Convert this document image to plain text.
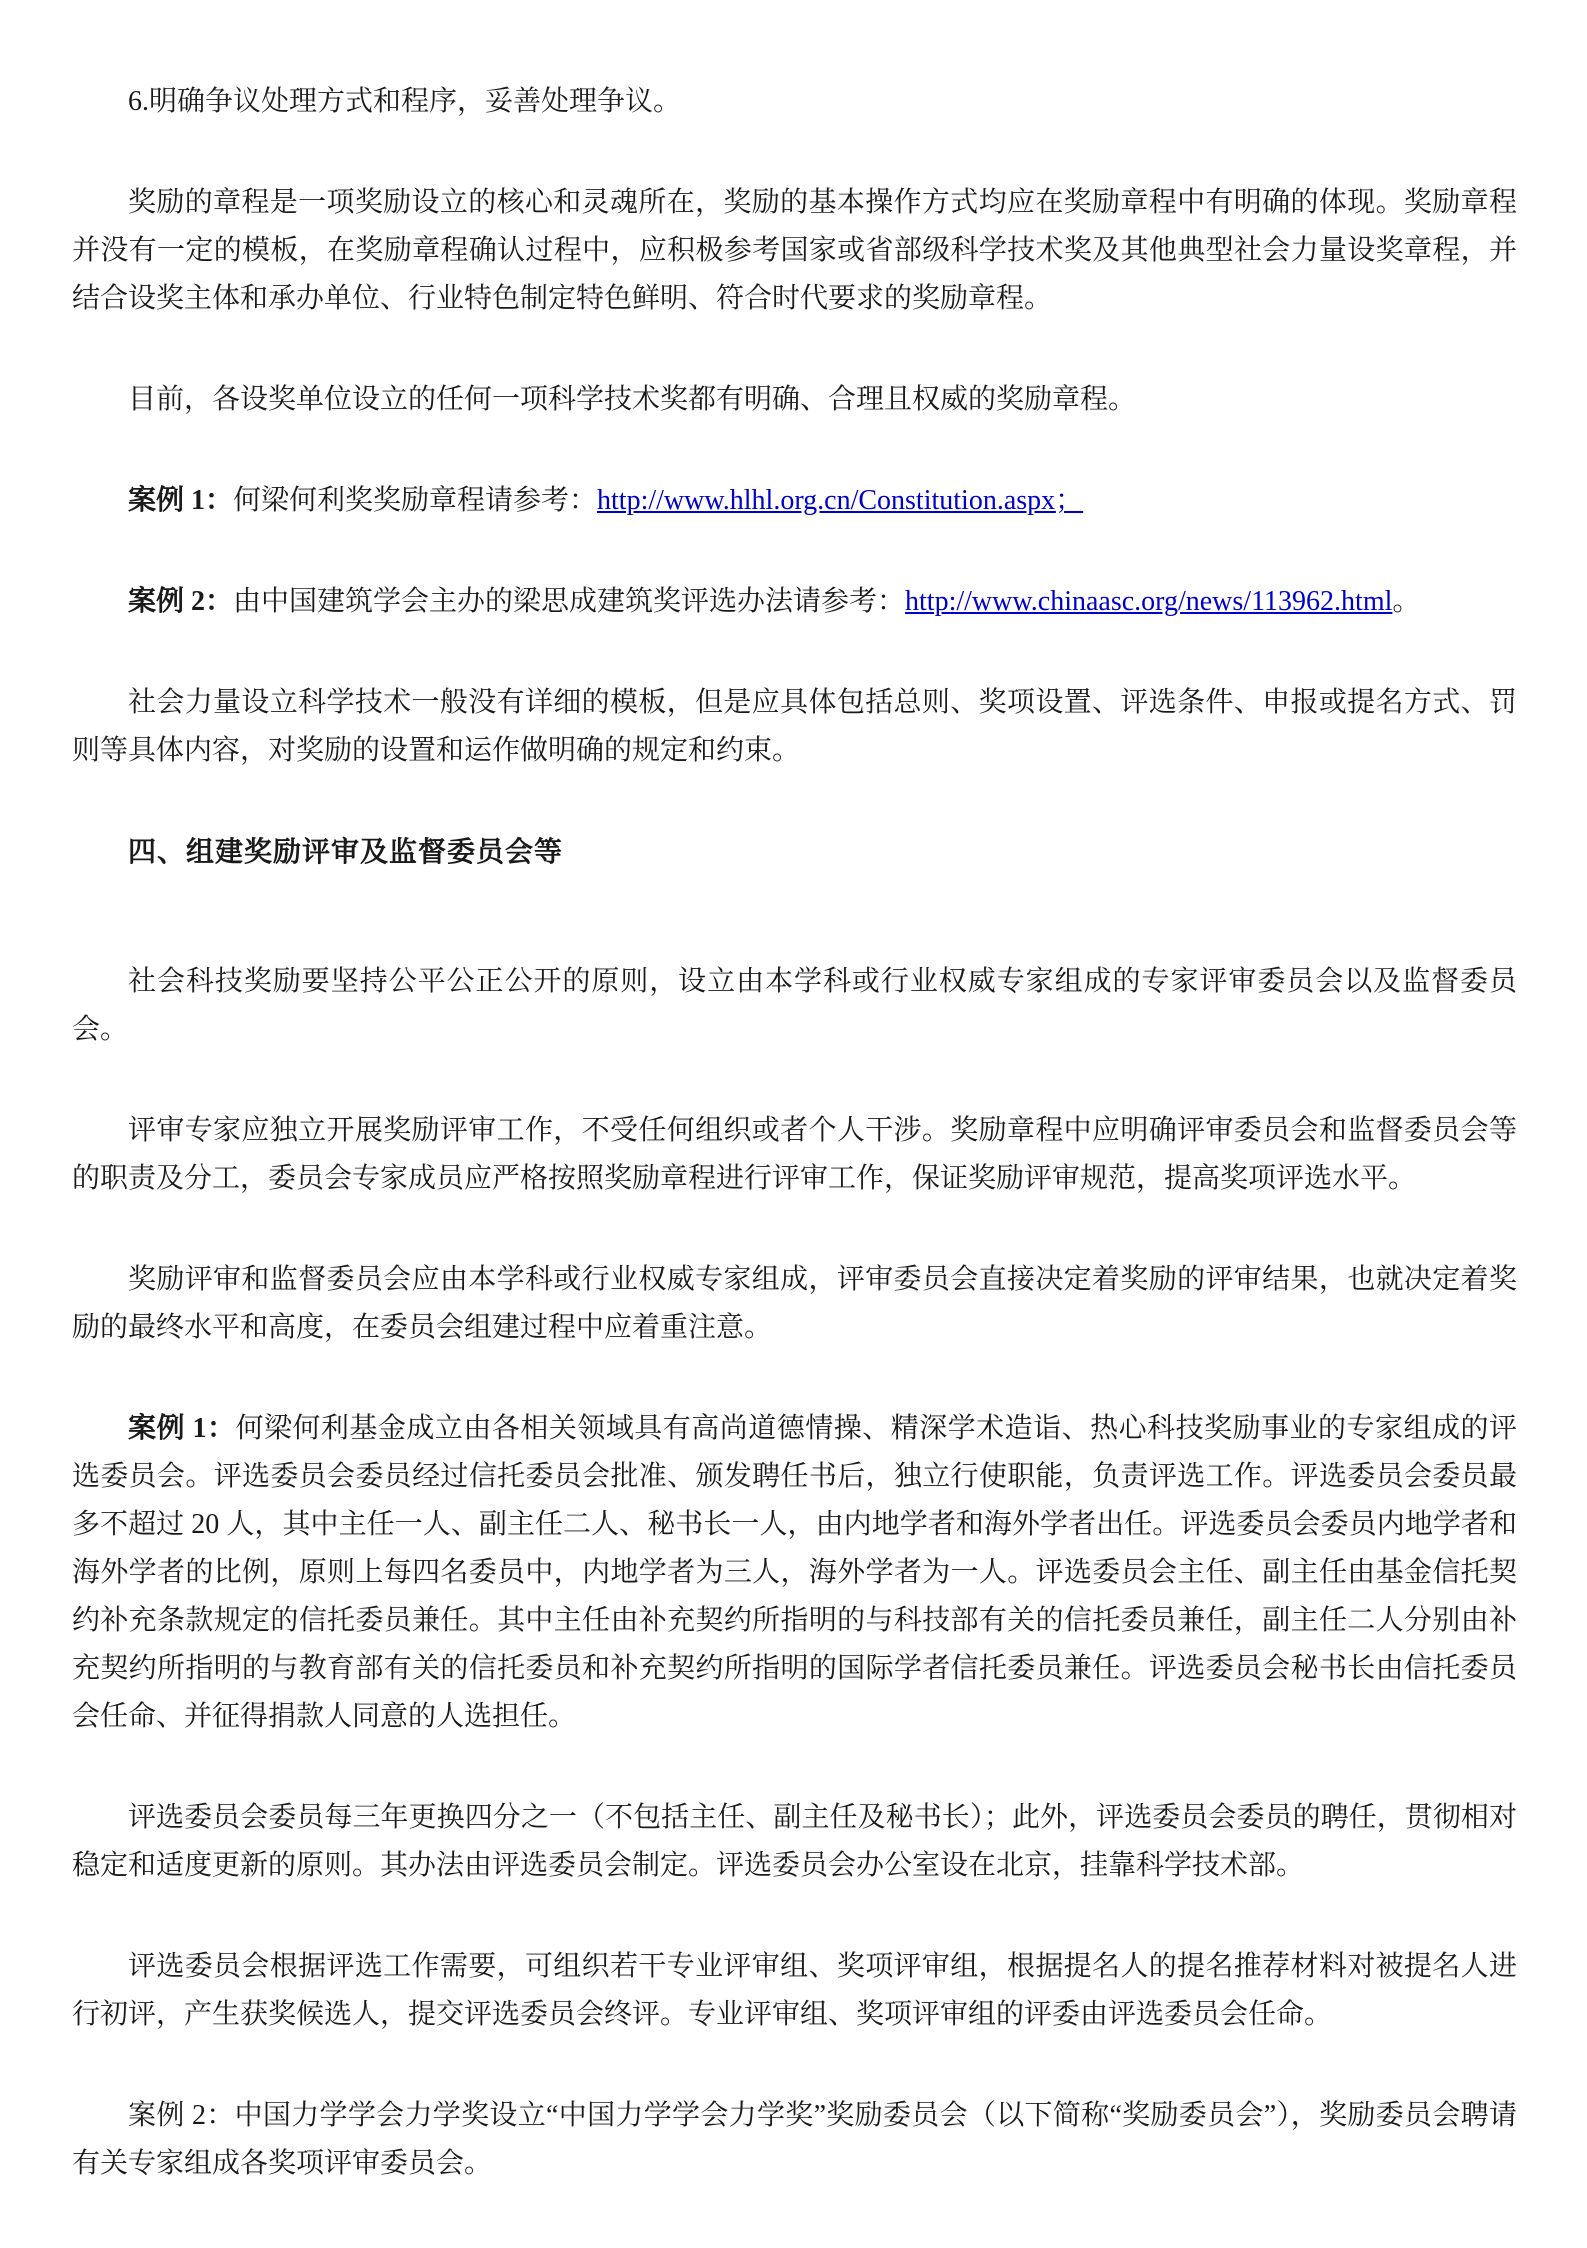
6.明确争议处理方式和程序，妥善处理争议。

奖励的章程是一项奖励设立的核心和灵魂所在，奖励的基本操作方式均应在奖励章程中有明确的体现。奖励章程并没有一定的模板，在奖励章程确认过程中，应积极参考国家或省部级科学技术奖及其他典型社会力量设奖章程，并结合设奖主体和承办单位、行业特色制定特色鲜明、符合时代要求的奖励章程。

目前，各设奖单位设立的任何一项科学技术奖都有明确、合理且权威的奖励章程。

案例 1：何梁何利奖奖励章程请参考：http://www.hlhl.org.cn/Constitution.aspx；

案例 2：由中国建筑学会主办的梁思成建筑奖评选办法请参考：http://www.chinaasc.org/news/113962.html。

社会力量设立科学技术一般没有详细的模板，但是应具体包括总则、奖项设置、评选条件、申报或提名方式、罚则等具体内容，对奖励的设置和运作做明确的规定和约束。

四、组建奖励评审及监督委员会等

社会科技奖励要坚持公平公正公开的原则，设立由本学科或行业权威专家组成的专家评审委员会以及监督委员会。

评审专家应独立开展奖励评审工作，不受任何组织或者个人干涉。奖励章程中应明确评审委员会和监督委员会等的职责及分工，委员会专家成员应严格按照奖励章程进行评审工作，保证奖励评审规范，提高奖项评选水平。

奖励评审和监督委员会应由本学科或行业权威专家组成，评审委员会直接决定着奖励的评审结果，也就决定着奖励的最终水平和高度，在委员会组建过程中应着重注意。

案例 1：何梁何利基金成立由各相关领域具有高尚道德情操、精深学术造诣、热心科技奖励事业的专家组成的评选委员会。评选委员会委员经过信托委员会批准、颁发聘任书后，独立行使职能，负责评选工作。评选委员会委员最多不超过 20 人，其中主任一人、副主任二人、秘书长一人，由内地学者和海外学者出任。评选委员会委员内地学者和海外学者的比例，原则上每四名委员中，内地学者为三人，海外学者为一人。评选委员会主任、副主任由基金信托契约补充条款规定的信托委员兼任。其中主任由补充契约所指明的与科技部有关的信托委员兼任，副主任二人分别由补充契约所指明的与教育部有关的信托委员和补充契约所指明的国际学者信托委员兼任。评选委员会秘书长由信托委员会任命、并征得捐款人同意的人选担任。

评选委员会委员每三年更换四分之一（不包括主任、副主任及秘书长）；此外，评选委员会委员的聘任，贯彻相对稳定和适度更新的原则。其办法由评选委员会制定。评选委员会办公室设在北京，挂靠科学技术部。

评选委员会根据评选工作需要，可组织若干专业评审组、奖项评审组，根据提名人的提名推荐材料对被提名人进行初评，产生获奖候选人，提交评选委员会终评。专业评审组、奖项评审组的评委由评选委员会任命。

案例 2：中国力学学会力学奖设立“中国力学学会力学奖”奖励委员会（以下简称“奖励委员会”），奖励委员会聘请有关专家组成各奖项评审委员会。
